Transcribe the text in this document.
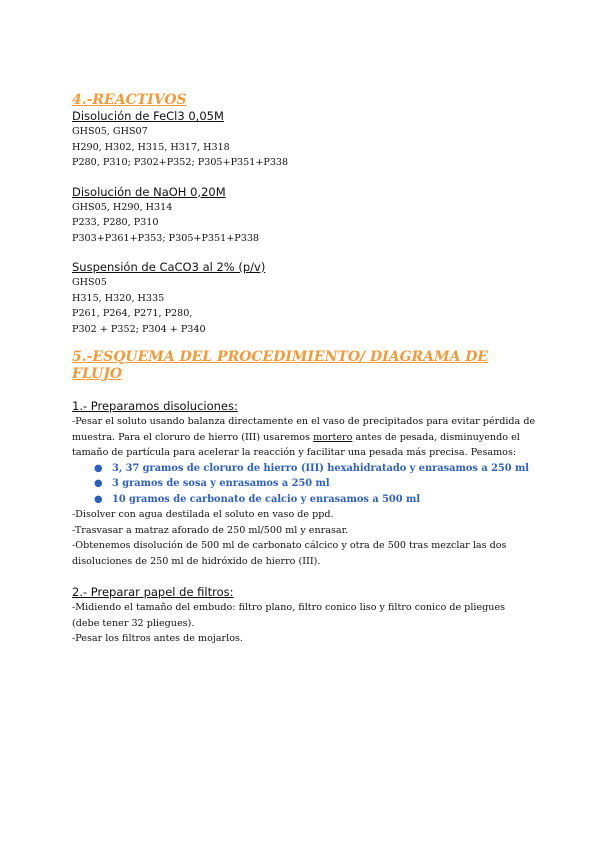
4.-REACTIVOS

Disolución de FeCl3 0,05M

GHS05, GHS07

H290, H302, H315, H317, H318

P280, P310; P302+P352; P305+P351+P338

Disolución de NaOH 0,20M

GHS05, H290, H314

P233, P280, P310

P303+P361+P353; P305+P351+P338

Suspensión de CaCO3 al 2% (p/v)

GHS05

H315, H320, H335

P261, P264, P271, P280,

P302 + P352; P304 + P340

5.-ESQUEMA DEL PROCEDIMIENTO/ DIAGRAMA DE FLUJO

1.- Preparamos disoluciones:

-Pesar el soluto usando balanza directamente en el vaso de precipitados para evitar pérdida de muestra. Para el cloruro de hierro (III) usaremos mortero antes de pesada, disminuyendo el tamaño de partícula para acelerar la reacción y facilitar una pesada más precisa. Pesamos:

● 3, 37 gramos de cloruro de hierro (III) hexahidratado y enrasamos a 250 ml
● 3 gramos de sosa y enrasamos a 250 ml
● 10 gramos de carbonato de calcio y enrasamos a 500 ml

-Disolver con agua destilada el soluto en vaso de ppd.

-Trasvasar a matraz aforado de 250 ml/500 ml y enrasar.

-Obtenemos disolución de 500 ml de carbonato cálcico y otra de 500 tras mezclar las dos disoluciones de 250 ml de hidróxido de hierro (III).

2.- Preparar papel de filtros:

-Midiendo el tamaño del embudo: filtro plano, filtro conico liso y filtro conico de pliegues

(debe tener 32 pliegues).

-Pesar los filtros antes de mojarlos.
